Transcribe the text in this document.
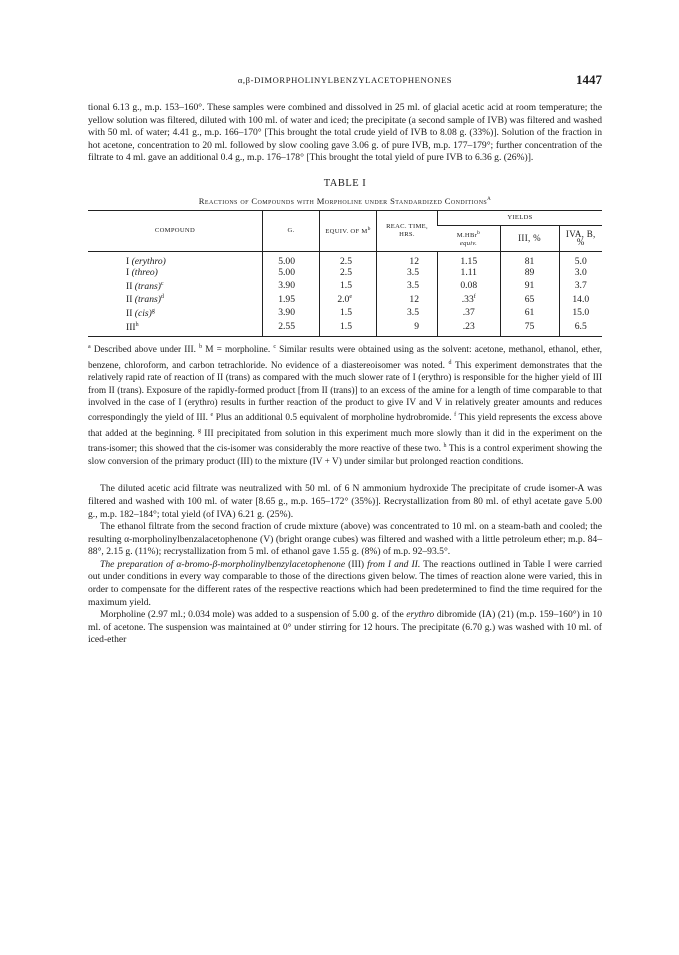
α,β-DIMORPHOLINYLBENZYLACETOPHENONES	1447

tional 6.13 g., m.p. 153–160°. These samples were combined and dissolved in 25 ml. of glacial acetic acid at room temperature; the yellow solution was filtered, diluted with 100 ml. of water and iced; the precipitate (a second sample of IVB) was filtered and washed with 50 ml. of water; 4.41 g., m.p. 166–170° [This brought the total crude yield of IVB to 8.08 g. (33%)]. Solution of the fraction in hot acetone, concentration to 20 ml. followed by slow cooling gave 3.06 g. of pure IVB, m.p. 177–179°; further concentration of the filtrate to 4 ml. gave an additional 0.4 g., m.p. 176–178° [This brought the total yield of pure IVB to 6.36 g. (26%)].

TABLE I
Reactions of Compounds with Morpholine under Standardized Conditions$^a$
COMPOUND	G.	EQUIV. OF $M^b$	REAC. TIME, HRS.	YIELDS		
				M.HBr$^b$
equiv.	III, %	IVA, B, %
I (erythro)	5.00	2.5	12	1.15	81	5.0
I (threo)	5.00	2.5	3.5	1.11	89	3.0
II (trans)$^c$	3.90	1.5	3.5	0.08	91	3.7
II (trans)$^d$	1.95	2.0e	12	.33$^f$	65	14.0
II (cis)$^g$	3.90	1.5	3.5	.37	61	15.0
III$^h$	2.55	1.5	9	.23	75	6.5

$^a$ Described above under III. $^b$ M = morpholine. $^c$ Similar results were obtained using as the solvent: acetone, methanol, ethanol, ether, benzene, chloroform, and carbon tetrachloride. No evidence of a diastereoisomer was noted. $^d$ This experiment demonstrates that the relatively rapid rate of reaction of II (trans) as compared with the much slower rate of I (erythro) is responsible for the higher yield of III from II (trans). Exposure of the rapidly-formed product [from II (trans)] to an excess of the amine for a length of time comparable to that involved in the case of I (erythro) results in further reaction of the product to give IV and V in relatively greater amounts and reduces correspondingly the yield of III. $^e$ Plus an additional 0.5 equivalent of morpholine hydrobromide. $^f$ This yield represents the excess above that added at the beginning. $^g$ III precipitated from solution in this experiment much more slowly than it did in the experiment on the trans-isomer; this showed that the cis-isomer was considerably the more reactive of these two. $^h$ This is a control experiment showing the slow conversion of the primary product (III) to the mixture (IV + V) under similar but prolonged reaction conditions.

The diluted acetic acid filtrate was neutralized with 50 ml. of 6 N ammonium hydroxide The precipitate of crude isomer-A was filtered and washed with 100 ml. of water [8.65 g., m.p. 165–172° (35%)]. Recrystallization from 80 ml. of ethyl acetate gave 5.00 g., m.p. 182–184°; total yield (of IVA) 6.21 g. (25%).

The ethanol filtrate from the second fraction of crude mixture (above) was concentrated to 10 ml. on a steam-bath and cooled; the resulting α-morpholinylbenzalacetophenone (V) (bright orange cubes) was filtered and washed with a little petroleum ether; m.p. 84–88°, 2.15 g. (11%); recrystallization from 5 ml. of ethanol gave 1.55 g. (8%) of m.p. 92–93.5°.

The preparation of α-bromo-β-morpholinylbenzylacetophenone (III) from I and II. The reactions outlined in Table I were carried out under conditions in every way comparable to those of the directions given below. The times of reaction alone were varied, this in order to compensate for the different rates of the respective reactions which had been predetermined to find the time required for the maximum yield.

Morpholine (2.97 ml.; 0.034 mole) was added to a suspension of 5.00 g. of the erythro dibromide (IA) (21) (m.p. 159–160°) in 10 ml. of acetone. The suspension was maintained at 0° under stirring for 12 hours. The precipitate (6.70 g.) was washed with 10 ml. of iced-ether
